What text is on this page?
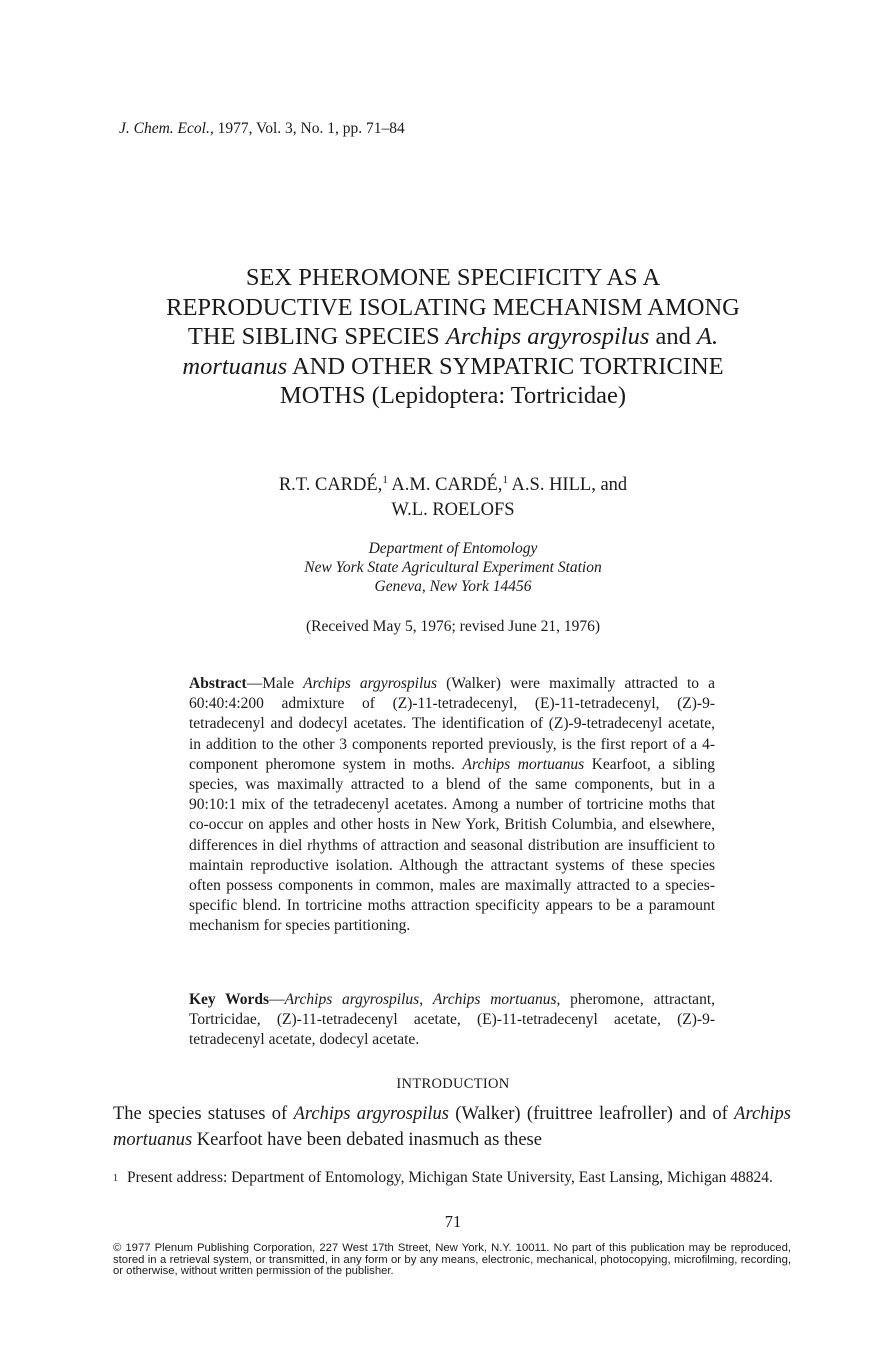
J. Chem. Ecol., 1977, Vol. 3, No. 1, pp. 71–84
SEX PHEROMONE SPECIFICITY AS A
REPRODUCTIVE ISOLATING MECHANISM AMONG
THE SIBLING SPECIES Archips argyrospilus and A.
mortuanus AND OTHER SYMPATRIC TORTRICINE
MOTHS (Lepidoptera: Tortricidae)
R.T. CARDÉ,$^1$ A.M. CARDÉ,$^1$ A.S. HILL, and
W.L. ROELOFS
Department of Entomology
New York State Agricultural Experiment Station
Geneva, New York 14456
(Received May 5, 1976; revised June 21, 1976)
Abstract—Male Archips argyrospilus (Walker) were maximally attracted to a 60:40:4:200 admixture of (Z)-11-tetradecenyl, (E)-11-tetradecenyl, (Z)-9-tetradecenyl and dodecyl acetates. The identification of (Z)-9-tetradecenyl acetate, in addition to the other 3 components reported previously, is the first report of a 4-component pheromone system in moths. Archips mortuanus Kearfoot, a sibling species, was maximally attracted to a blend of the same components, but in a 90:10:1 mix of the tetradecenyl acetates. Among a number of tortricine moths that co-occur on apples and other hosts in New York, British Columbia, and elsewhere, differences in diel rhythms of attraction and seasonal distribution are insufficient to maintain reproductive isolation. Although the attractant systems of these species often possess components in common, males are maximally attracted to a species-specific blend. In tortricine moths attraction specificity appears to be a paramount mechanism for species partitioning.
Key Words—Archips argyrospilus, Archips mortuanus, pheromone, attractant, Tortricidae, (Z)-11-tetradecenyl acetate, (E)-11-tetradecenyl acetate, (Z)-9-tetradecenyl acetate, dodecyl acetate.
INTRODUCTION
The species statuses of Archips argyrospilus (Walker) (fruittree leafroller) and of Archips mortuanus Kearfoot have been debated inasmuch as these
1 Present address: Department of Entomology, Michigan State University, East Lansing, Michigan 48824.
71
© 1977 Plenum Publishing Corporation, 227 West 17th Street, New York, N.Y. 10011. No part of this publication may be reproduced, stored in a retrieval system, or transmitted, in any form or by any means, electronic, mechanical, photocopying, microfilming, recording, or otherwise, without written permission of the publisher.
